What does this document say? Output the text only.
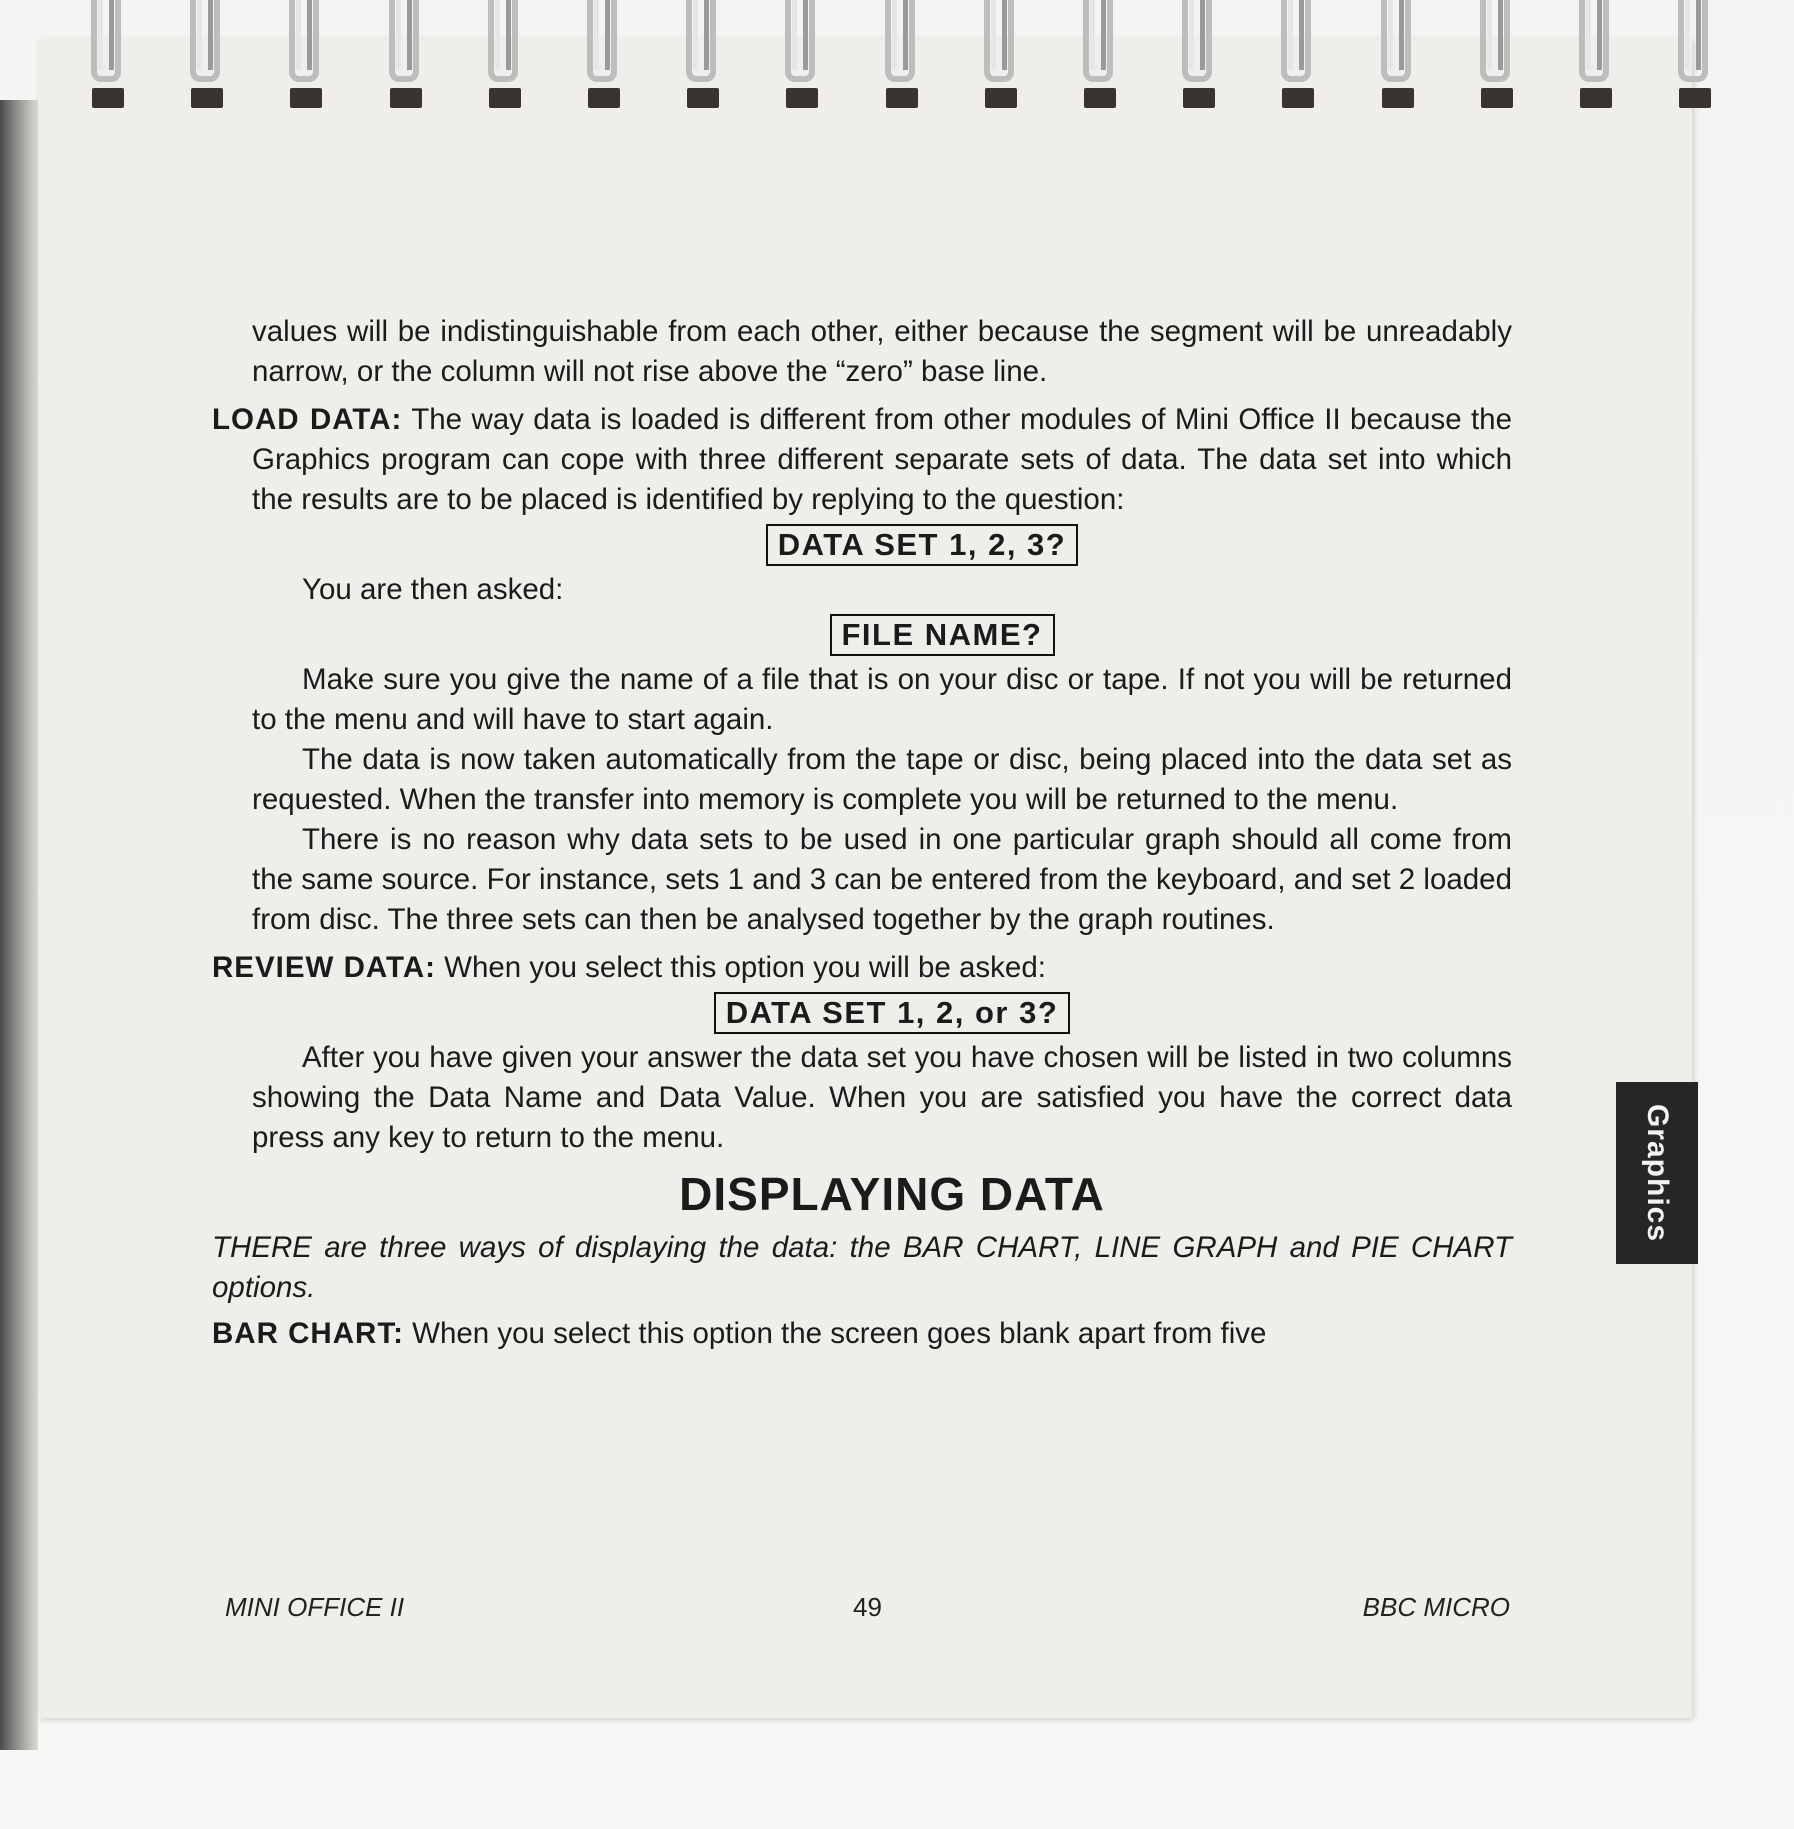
values will be indistinguishable from each other, either because the segment will be unreadably narrow, or the column will not rise above the “zero” base line.

LOAD DATA: The way data is loaded is different from other modules of Mini Office II because the Graphics program can cope with three different separate sets of data. The data set into which the results are to be placed is identified by replying to the question:

DATA SET 1, 2, 3?

You are then asked:

FILE NAME?

Make sure you give the name of a file that is on your disc or tape. If not you will be returned to the menu and will have to start again.

The data is now taken automatically from the tape or disc, being placed into the data set as requested. When the transfer into memory is complete you will be returned to the menu.

There is no reason why data sets to be used in one particular graph should all come from the same source. For instance, sets 1 and 3 can be entered from the keyboard, and set 2 loaded from disc. The three sets can then be analysed together by the graph routines.

REVIEW DATA: When you select this option you will be asked:

DATA SET 1, 2, or 3?

After you have given your answer the data set you have chosen will be listed in two columns showing the Data Name and Data Value. When you are satisfied you have the correct data press any key to return to the menu.

DISPLAYING DATA

THERE are three ways of displaying the data: the BAR CHART, LINE GRAPH and PIE CHART options.

BAR CHART: When you select this option the screen goes blank apart from five

MINI OFFICE II	49	BBC MICRO
Graphics
